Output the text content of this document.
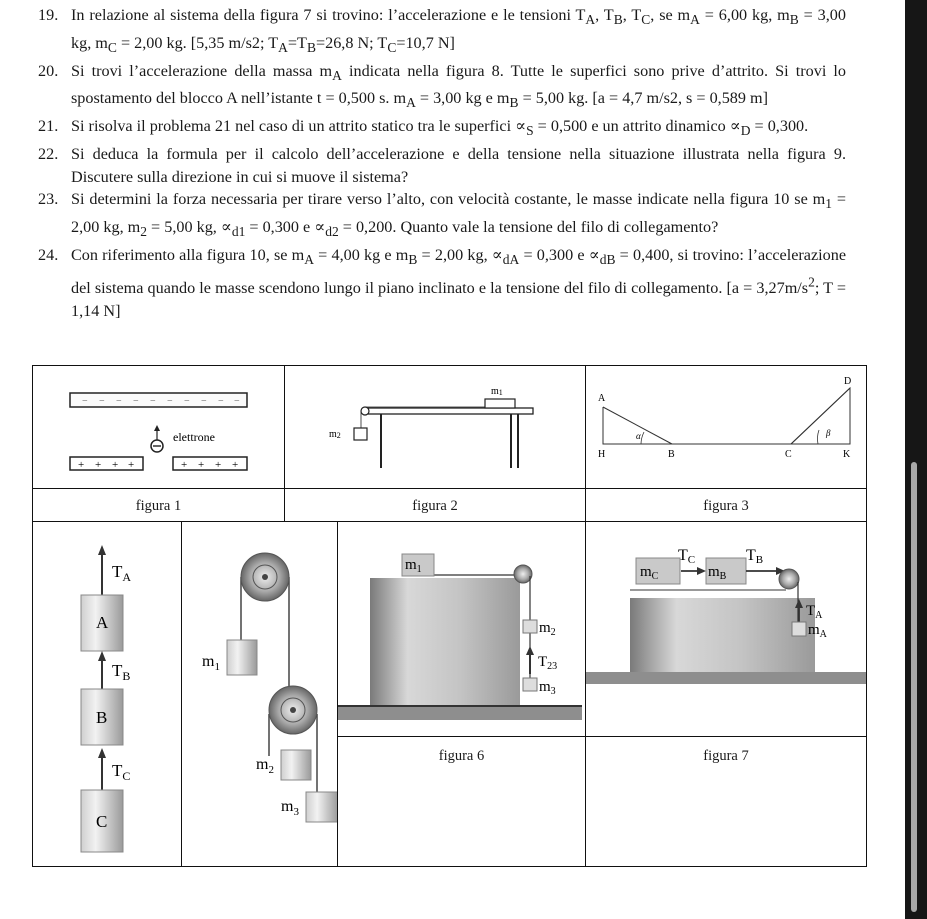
19. In relazione al sistema della figura 7 si trovino: l’accelerazione e le tensioni $T_A$, $T_B$, $T_C$, se $m_A = 6,00$ kg, $m_B = 3,00$ kg, $m_C = 2,00$ kg. [5,35 m/s2; $T_A=T_B=26,8$ N; $T_C=10,7$ N]
20. Si trovi l’accelerazione della massa $m_A$ indicata nella figura 8. Tutte le superfici sono prive d’attrito. Si trovi lo spostamento del blocco A nell’istante t = 0,500 s. $m_A = 3,00$ kg e $m_B = 5,00$ kg. [a = 4,7 m/s2, s = 0,589 m]
21. Si risolva il problema 21 nel caso di un attrito statico tra le superfici $\propto_S = 0,500$ e un attrito dinamico $\propto_D = 0,300$.
22. Si deduca la formula per il calcolo dell’accelerazione e della tensione nella situazione illustrata nella figura 9. Discutere sulla direzione in cui si muove il sistema?
23. Si determini la forza necessaria per tirare verso l’alto, con velocità costante, le masse indicate nella figura 10 se $m_1 = 2,00$ kg, $m_2 = 5,00$ kg, $\propto_{d1} = 0,300$ $e \propto_{d2} = 0,200$. Quanto vale la tensione del filo di collegamento?
24. Con riferimento alla figura 10, se $m_A = 4,00$ kg e $m_B = 2,00$ kg, $\propto_{dA} = 0,300$ $e \propto_{dB} = 0,400$, si trovino: l’accelerazione del sistema quando le masse scendono lungo il piano inclinato e la tensione del filo di collegamento. [$a = 3,27m/s^2$; T = 1,14 N]
− − − − − − − − − −
elettrone
+ + + +	+ + + +
m1
m2
A
D
H	B	C	K
α	β
figura 1	figura 2	figura 3
$T_A$
A
$T_B$
B
$T_C$
C
$m_1$
$m_2$
$m_3$
$m_1$
$m_2$
$T_{23}$
$m_3$
$m_C$
TC
$m_B$
TB
$T_A$
$m_A$
figura 6	figura 7
